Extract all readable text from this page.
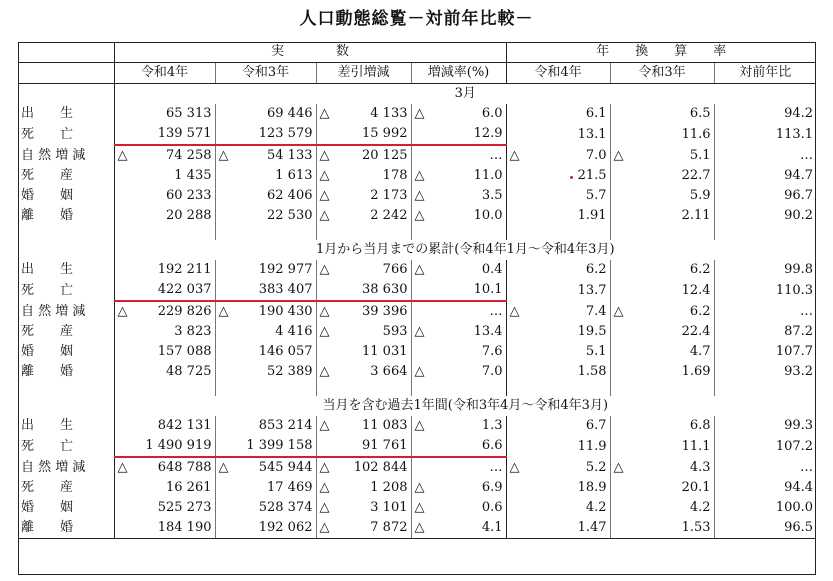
人口動態総覧－対前年比較－
	実　　　　数				年　　換　　算　　率		
	令和4年	令和3年	差引増減	増減率(%)	令和4年	令和3年	対前年比
	3月						
出　　生	65 313	69 446	△ 4 133	△ 6.0	6.1	6.5	94.2
死　　亡	139 571	123 579	15 992	12.9	13.1	11.6	113.1
自 然 増 減	△ 74 258	△ 54 133	△ 20 125	…	△ 7.0	△ 5.1	…
死　　産	1 435	1 613	△ 178	△ 11.0	21.5	22.7	94.7
婚　　姻	60 233	62 406	△ 2 173	△ 3.5	5.7	5.9	96.7
離　　婚	20 288	22 530	△ 2 242	△ 10.0	1.91	2.11	90.2

	1月から当月までの累計(令和4年1月～令和4年3月)						
出　　生	192 211	192 977	△ 766	△ 0.4	6.2	6.2	99.8
死　　亡	422 037	383 407	38 630	10.1	13.7	12.4	110.3
自 然 増 減	△ 229 826	△ 190 430	△ 39 396	…	△ 7.4	△ 6.2	…
死　　産	3 823	4 416	△ 593	△ 13.4	19.5	22.4	87.2
婚　　姻	157 088	146 057	11 031	7.6	5.1	4.7	107.7
離　　婚	48 725	52 389	△ 3 664	△ 7.0	1.58	1.69	93.2

	当月を含む過去1年間(令和3年4月～令和4年3月)						
出　　生	842 131	853 214	△ 11 083	△ 1.3	6.7	6.8	99.3
死　　亡	1 490 919	1 399 158	91 761	6.6	11.9	11.1	107.2
自 然 増 減	△ 648 788	△ 545 944	△ 102 844	…	△ 5.2	△ 4.3	…
死　　産	16 261	17 469	△ 1 208	△ 6.9	18.9	20.1	94.4
婚　　姻	525 273	528 374	△ 3 101	△ 0.6	4.2	4.2	100.0
離　　婚	184 190	192 062	△ 7 872	△ 4.1	1.47	1.53	96.5
